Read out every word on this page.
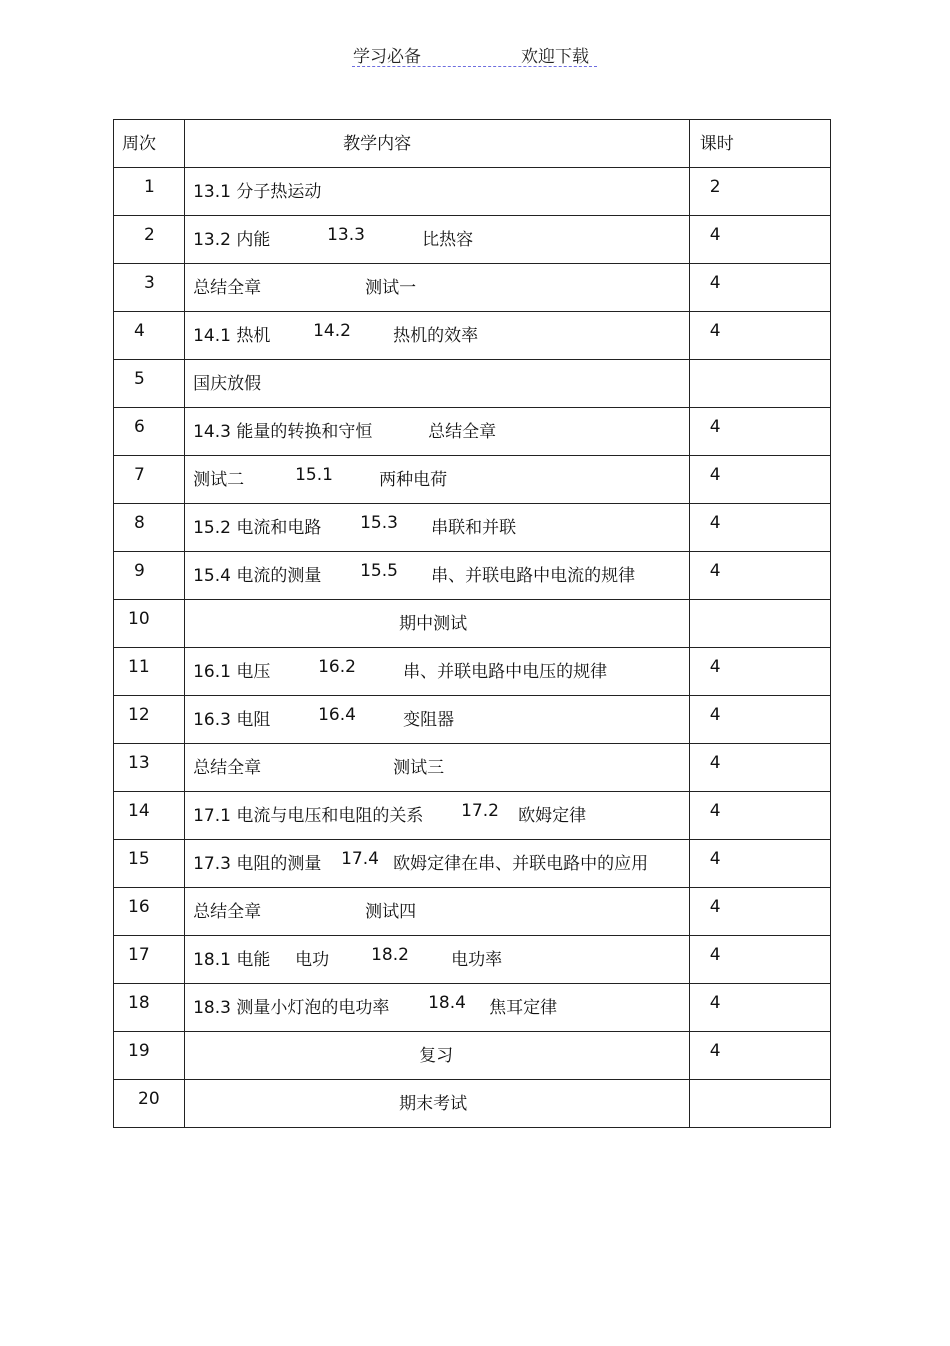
学习必备	欢迎下载
周次	教学内容	课时

1	13.1 分子热运动	2

2	13.2 内能 13.3 比热容	4

3	总结全章 测试一	4

4	14.1 热机 14.2 热机的效率	4

5	国庆放假	

6	14.3 能量的转换和守恒 总结全章	4

7	测试二 15.1 两种电荷	4

8	15.2 电流和电路 15.3 串联和并联	4

9	15.4 电流的测量 15.5 串、并联电路中电流的规律	4

10	期中测试	

11	16.1 电压 16.2 串、并联电路中电压的规律	4

12	16.3 电阻 16.4 变阻器	4

13	总结全章 测试三	4

14	17.1 电流与电压和电阻的关系 17.2 欧姆定律	4

15	17.3 电阻的测量 17.4 欧姆定律在串、并联电路中的应用	4

16	总结全章 测试四	4

17	18.1 电能 电功 18.2 电功率	4

18	18.3 测量小灯泡的电功率 18.4 焦耳定律	4

19	复习	4

20	期末考试	
